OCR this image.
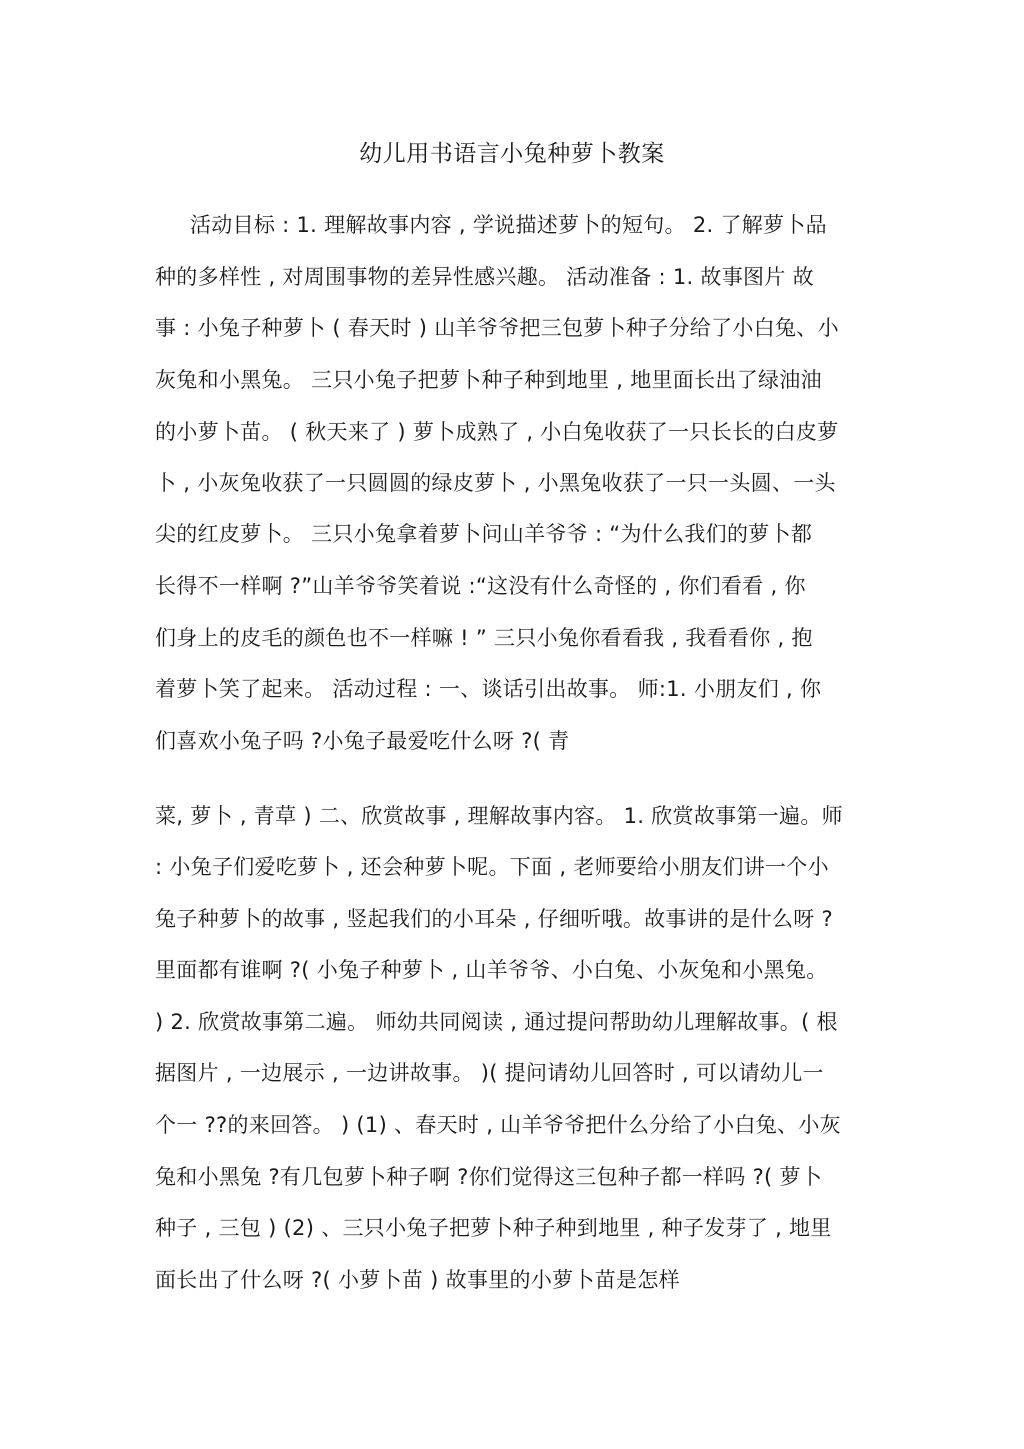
幼儿用书语言小兔种萝卜教案
活动目标 : 1. 理解故事内容 , 学说描述萝卜的短句。 2. 了解萝卜品
种的多样性 , 对周围事物的差异性感兴趣。 活动准备 : 1. 故事图片 故
事 : 小兔子种萝卜 ( 春天时 ) 山羊爷爷把三包萝卜种子分给了小白兔、小
灰兔和小黑兔。 三只小兔子把萝卜种子种到地里 , 地里面长出了绿油油
的小萝卜苗。 ( 秋天来了 ) 萝卜成熟了 , 小白兔收获了一只长长的白皮萝
卜 , 小灰兔收获了一只圆圆的绿皮萝卜 , 小黑兔收获了一只一头圆、一头
尖的红皮萝卜。 三只小兔拿着萝卜问山羊爷爷 : “为什么我们的萝卜都
长得不一样啊 ?”山羊爷爷笑着说 :“这没有什么奇怪的 , 你们看看 , 你
们身上的皮毛的颜色也不一样嘛 ! ” 三只小兔你看看我 , 我看看你 , 抱
着萝卜笑了起来。 活动过程 : 一、谈话引出故事。 师:1. 小朋友们 , 你
们喜欢小兔子吗 ?小兔子最爱吃什么呀 ?( 青
菜, 萝卜 , 青草 ) 二、欣赏故事 , 理解故事内容。 1. 欣赏故事第一遍。师
: 小兔子们爱吃萝卜 , 还会种萝卜呢。下面 , 老师要给小朋友们讲一个小
兔子种萝卜的故事 , 竖起我们的小耳朵 , 仔细听哦。故事讲的是什么呀 ?
里面都有谁啊 ?( 小兔子种萝卜 , 山羊爷爷、小白兔、小灰兔和小黑兔。
) 2. 欣赏故事第二遍。 师幼共同阅读 , 通过提问帮助幼儿理解故事。( 根
据图片 , 一边展示 , 一边讲故事。 )( 提问请幼儿回答时 , 可以请幼儿一
个一 ??的来回答。 ) (1) 、春天时 , 山羊爷爷把什么分给了小白兔、小灰
兔和小黑兔 ?有几包萝卜种子啊 ?你们觉得这三包种子都一样吗 ?( 萝卜
种子 , 三包 ) (2) 、三只小兔子把萝卜种子种到地里 , 种子发芽了 , 地里
面长出了什么呀 ?( 小萝卜苗 ) 故事里的小萝卜苗是怎样
